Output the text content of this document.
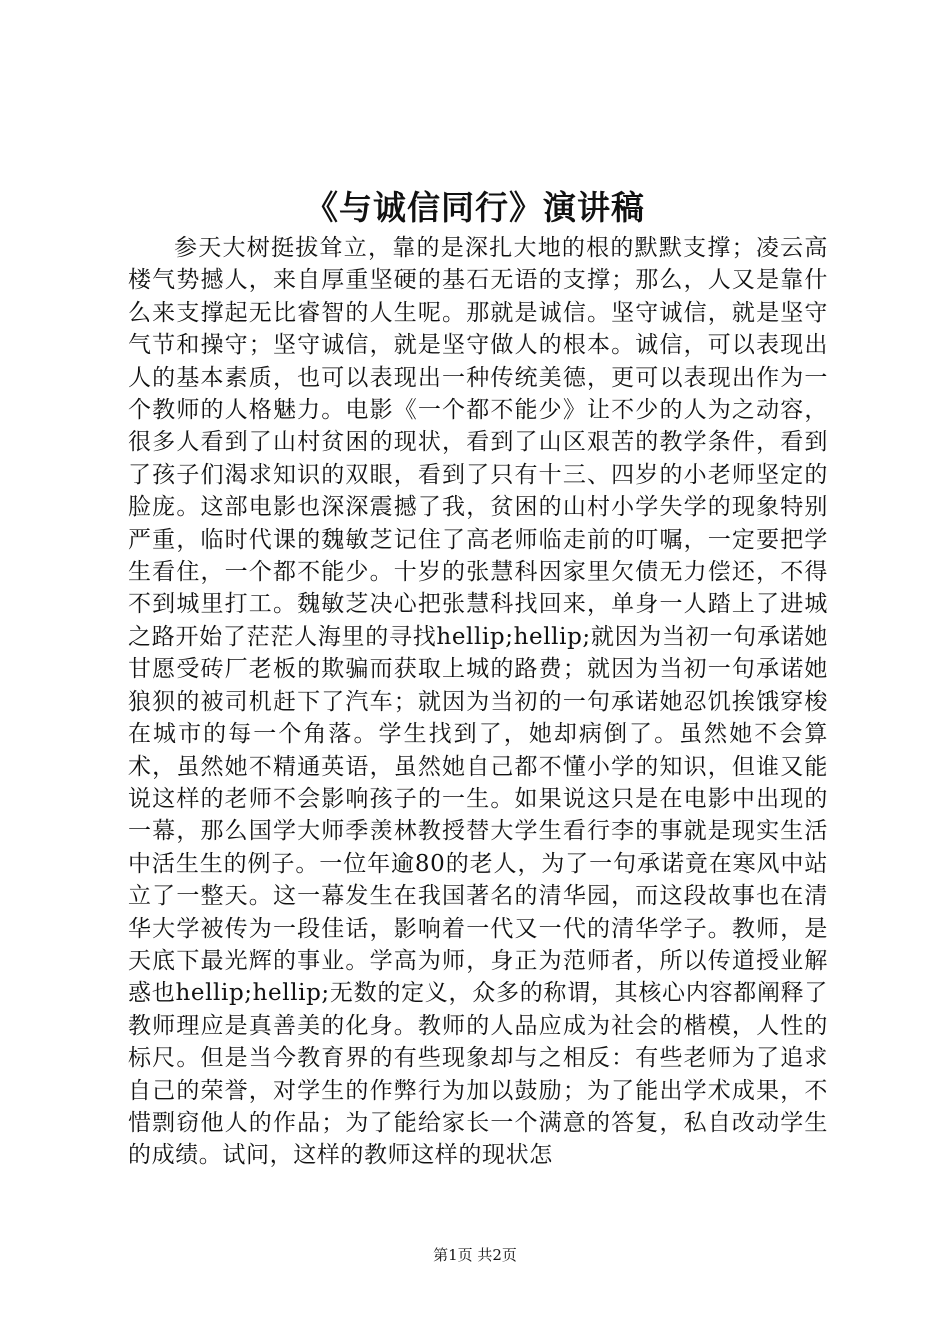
《与诚信同行》演讲稿

参天大树挺拔耸立，靠的是深扎大地的根的默默支撑；凌云高楼气势撼人，来自厚重坚硬的基石无语的支撑；那么，人又是靠什么来支撑起无比睿智的人生呢。那就是诚信。坚守诚信，就是坚守气节和操守；坚守诚信，就是坚守做人的根本。诚信，可以表现出人的基本素质，也可以表现出一种传统美德，更可以表现出作为一个教师的人格魅力。电影《一个都不能少》让不少的人为之动容，很多人看到了山村贫困的现状，看到了山区艰苦的教学条件，看到了孩子们渴求知识的双眼，看到了只有十三、四岁的小老师坚定的脸庞。这部电影也深深震撼了我，贫困的山村小学失学的现象特别严重，临时代课的魏敏芝记住了高老师临走前的叮嘱，一定要把学生看住，一个都不能少。十岁的张慧科因家里欠债无力偿还，不得不到城里打工。魏敏芝决心把张慧科找回来，单身一人踏上了进城之路开始了茫茫人海里的寻找hellip;hellip;就因为当初一句承诺她甘愿受砖厂老板的欺骗而获取上城的路费；就因为当初一句承诺她狼狈的被司机赶下了汽车；就因为当初的一句承诺她忍饥挨饿穿梭在城市的每一个角落。学生找到了，她却病倒了。虽然她不会算术，虽然她不精通英语，虽然她自己都不懂小学的知识，但谁又能说这样的老师不会影响孩子的一生。如果说这只是在电影中出现的一幕，那么国学大师季羡林教授替大学生看行李的事就是现实生活中活生生的例子。一位年逾80的老人，为了一句承诺竟在寒风中站立了一整天。这一幕发生在我国著名的清华园，而这段故事也在清华大学被传为一段佳话，影响着一代又一代的清华学子。教师，是天底下最光辉的事业。学高为师，身正为范师者，所以传道授业解惑也hellip;hellip;无数的定义，众多的称谓，其核心内容都阐释了教师理应是真善美的化身。教师的人品应成为社会的楷模，人性的标尺。但是当今教育界的有些现象却与之相反：有些老师为了追求自己的荣誉，对学生的作弊行为加以鼓励；为了能出学术成果，不惜剽窃他人的作品；为了能给家长一个满意的答复，私自改动学生的成绩。试问，这样的教师这样的现状怎

第1页 共2页
